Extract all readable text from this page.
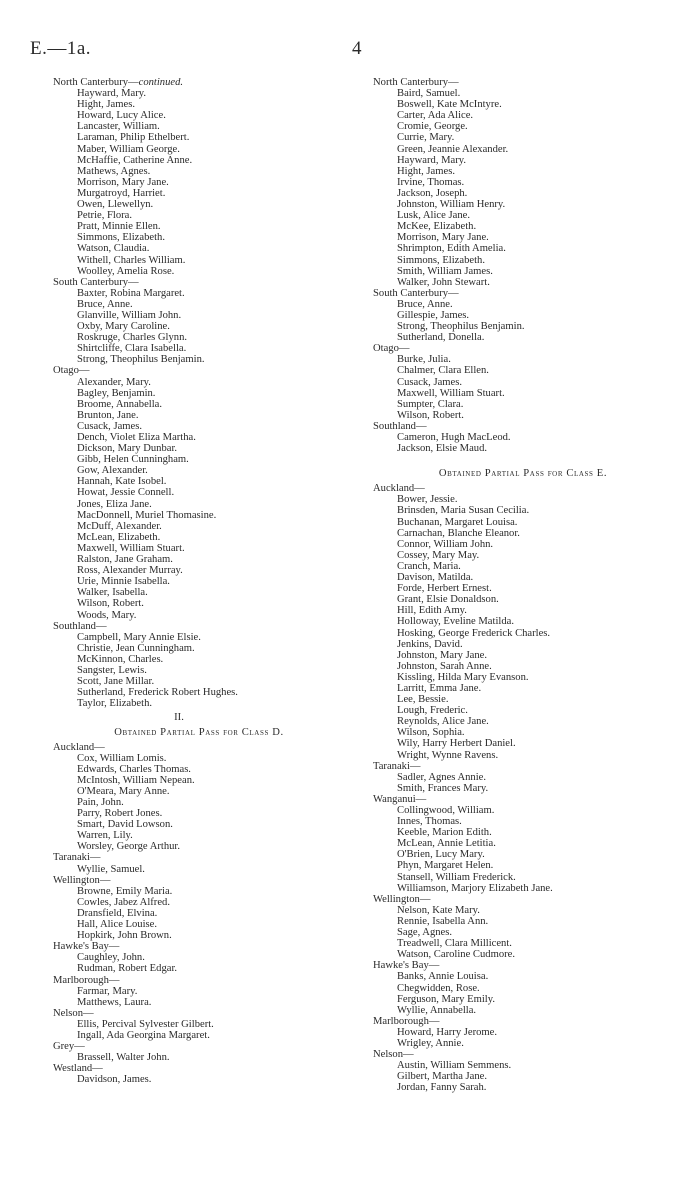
E.—1a.	4
North Canterbury—continued.
Hayward, Mary.
Hight, James.
Howard, Lucy Alice.
Lancaster, William.
Laraman, Philip Ethelbert.
Maber, William George.
McHaffie, Catherine Anne.
Mathews, Agnes.
Morrison, Mary Jane.
Murgatroyd, Harriet.
Owen, Llewellyn.
Petrie, Flora.
Pratt, Minnie Ellen.
Simmons, Elizabeth.
Watson, Claudia.
Withell, Charles William.
Woolley, Amelia Rose.
South Canterbury—
Baxter, Robina Margaret.
Bruce, Anne.
Glanville, William John.
Oxby, Mary Caroline.
Roskruge, Charles Glynn.
Shirtcliffe, Clara Isabella.
Strong, Theophilus Benjamin.
Otago—
Alexander, Mary.
Bagley, Benjamin.
Broome, Annabella.
Brunton, Jane.
Cusack, James.
Dench, Violet Eliza Martha.
Dickson, Mary Dunbar.
Gibb, Helen Cunningham.
Gow, Alexander.
Hannah, Kate Isobel.
Howat, Jessie Connell.
Jones, Eliza Jane.
MacDonnell, Muriel Thomasine.
McDuff, Alexander.
McLean, Elizabeth.
Maxwell, William Stuart.
Ralston, Jane Graham.
Ross, Alexander Murray.
Urie, Minnie Isabella.
Walker, Isabella.
Wilson, Robert.
Woods, Mary.
Southland—
Campbell, Mary Annie Elsie.
Christie, Jean Cunningham.
McKinnon, Charles.
Sangster, Lewis.
Scott, Jane Millar.
Sutherland, Frederick Robert Hughes.
Taylor, Elizabeth.
II.
Obtained Partial Pass for Class D.
Auckland—
Cox, William Lomis.
Edwards, Charles Thomas.
McIntosh, William Nepean.
O'Meara, Mary Anne.
Pain, John.
Parry, Robert Jones.
Smart, David Lowson.
Warren, Lily.
Worsley, George Arthur.
Taranaki—
Wyllie, Samuel.
Wellington—
Browne, Emily Maria.
Cowles, Jabez Alfred.
Dransfield, Elvina.
Hall, Alice Louise.
Hopkirk, John Brown.
Hawke's Bay—
Caughley, John.
Rudman, Robert Edgar.
Marlborough—
Farmar, Mary.
Matthews, Laura.
Nelson—
Ellis, Percival Sylvester Gilbert.
Ingall, Ada Georgina Margaret.
Grey—
Brassell, Walter John.
Westland—
Davidson, James.
North Canterbury—
Baird, Samuel.
Boswell, Kate McIntyre.
Carter, Ada Alice.
Cromie, George.
Currie, Mary.
Green, Jeannie Alexander.
Hayward, Mary.
Hight, James.
Irvine, Thomas.
Jackson, Joseph.
Johnston, William Henry.
Lusk, Alice Jane.
McKee, Elizabeth.
Morrison, Mary Jane.
Shrimpton, Edith Amelia.
Simmons, Elizabeth.
Smith, William James.
Walker, John Stewart.
South Canterbury—
Bruce, Anne.
Gillespie, James.
Strong, Theophilus Benjamin.
Sutherland, Donella.
Otago—
Burke, Julia.
Chalmer, Clara Ellen.
Cusack, James.
Maxwell, William Stuart.
Sumpter, Clara.
Wilson, Robert.
Southland—
Cameron, Hugh MacLeod.
Jackson, Elsie Maud.
Obtained Partial Pass for Class E.
Auckland—
Bower, Jessie.
Brinsden, Maria Susan Cecilia.
Buchanan, Margaret Louisa.
Carnachan, Blanche Eleanor.
Connor, William John.
Cossey, Mary May.
Cranch, Maria.
Davison, Matilda.
Forde, Herbert Ernest.
Grant, Elsie Donaldson.
Hill, Edith Amy.
Holloway, Eveline Matilda.
Hosking, George Frederick Charles.
Jenkins, David.
Johnston, Mary Jane.
Johnston, Sarah Anne.
Kissling, Hilda Mary Evanson.
Larritt, Emma Jane.
Lee, Bessie.
Lough, Frederic.
Reynolds, Alice Jane.
Wilson, Sophia.
Wily, Harry Herbert Daniel.
Wright, Wynne Ravens.
Taranaki—
Sadler, Agnes Annie.
Smith, Frances Mary.
Wanganui—
Collingwood, William.
Innes, Thomas.
Keeble, Marion Edith.
McLean, Annie Letitia.
O'Brien, Lucy Mary.
Phyn, Margaret Helen.
Stansell, William Frederick.
Williamson, Marjory Elizabeth Jane.
Wellington—
Nelson, Kate Mary.
Rennie, Isabella Ann.
Sage, Agnes.
Treadwell, Clara Millicent.
Watson, Caroline Cudmore.
Hawke's Bay—
Banks, Annie Louisa.
Chegwidden, Rose.
Ferguson, Mary Emily.
Wyllie, Annabella.
Marlborough—
Howard, Harry Jerome.
Wrigley, Annie.
Nelson—
Austin, William Semmens.
Gilbert, Martha Jane.
Jordan, Fanny Sarah.
